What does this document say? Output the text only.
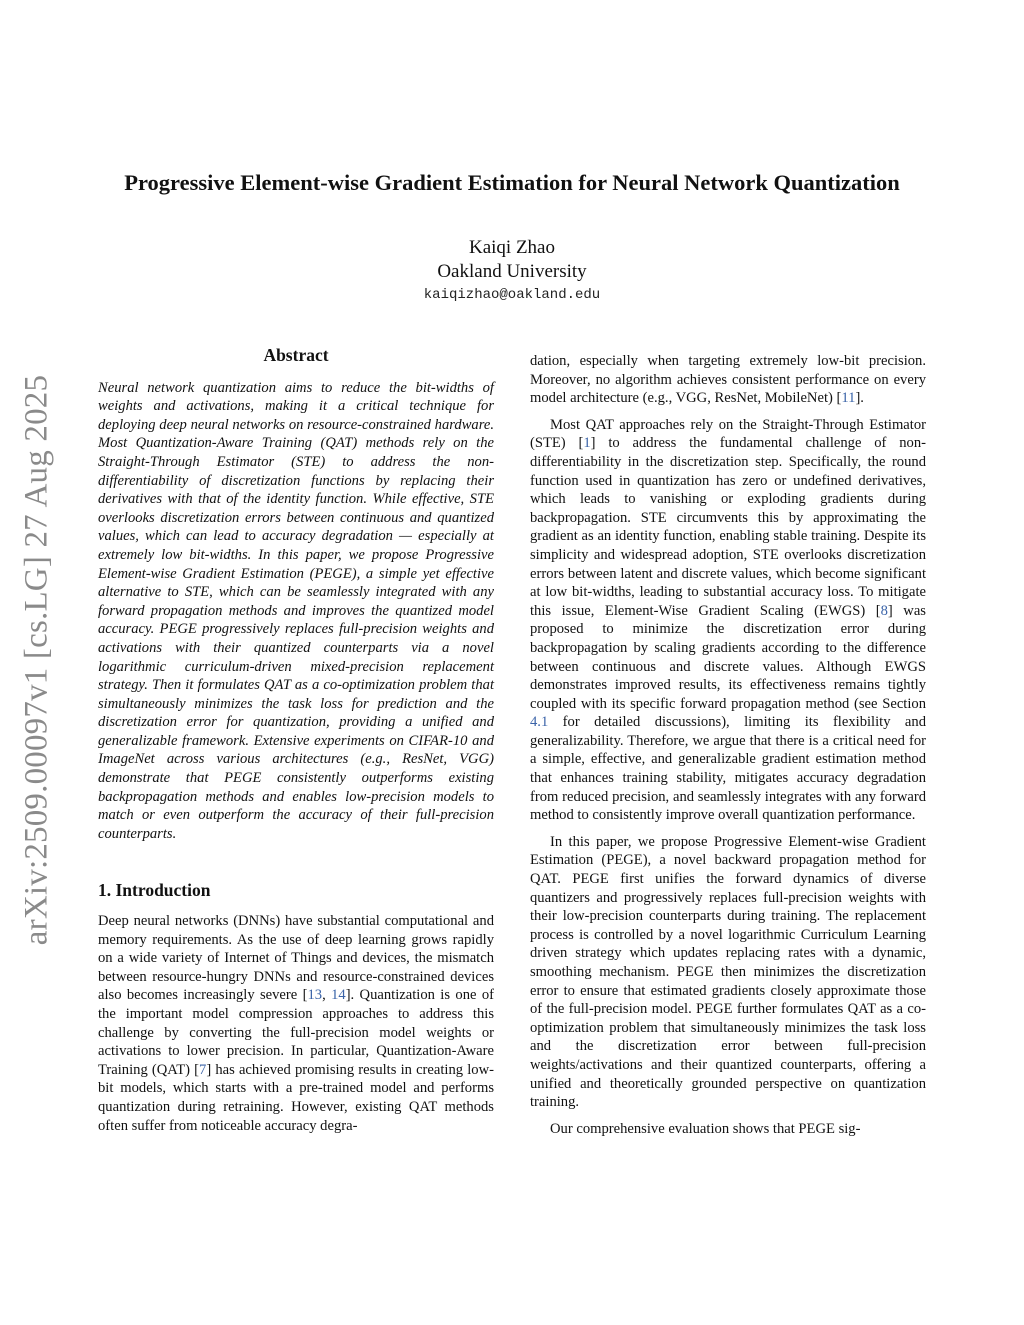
arXiv:2509.00097v1 [cs.LG] 27 Aug 2025
Progressive Element-wise Gradient Estimation for Neural Network Quantization
Kaiqi Zhao
Oakland University
kaiqizhao@oakland.edu
Abstract

Neural network quantization aims to reduce the bit-widths of weights and activations, making it a critical technique for deploying deep neural networks on resource-constrained hardware. Most Quantization-Aware Training (QAT) methods rely on the Straight-Through Estimator (STE) to address the non-differentiability of discretization functions by replacing their derivatives with that of the identity function. While effective, STE overlooks discretization errors between continuous and quantized values, which can lead to accuracy degradation — especially at extremely low bit-widths. In this paper, we propose Progressive Element-wise Gradient Estimation (PEGE), a simple yet effective alternative to STE, which can be seamlessly integrated with any forward propagation methods and improves the quantized model accuracy. PEGE progressively replaces full-precision weights and activations with their quantized counterparts via a novel logarithmic curriculum-driven mixed-precision replacement strategy. Then it formulates QAT as a co-optimization problem that simultaneously minimizes the task loss for prediction and the discretization error for quantization, providing a unified and generalizable framework. Extensive experiments on CIFAR-10 and ImageNet across various architectures (e.g., ResNet, VGG) demonstrate that PEGE consistently outperforms existing backpropagation methods and enables low-precision models to match or even outperform the accuracy of their full-precision counterparts.

1. Introduction

Deep neural networks (DNNs) have substantial computational and memory requirements. As the use of deep learning grows rapidly on a wide variety of Internet of Things and devices, the mismatch between resource-hungry DNNs and resource-constrained devices also becomes increasingly severe [13, 14]. Quantization is one of the important model compression approaches to address this challenge by converting the full-precision model weights or activations to lower precision. In particular, Quantization-Aware Training (QAT) [7] has achieved promising results in creating low-bit models, which starts with a pre-trained model and performs quantization during retraining. However, existing QAT methods often suffer from noticeable accuracy degra-

dation, especially when targeting extremely low-bit precision. Moreover, no algorithm achieves consistent performance on every model architecture (e.g., VGG, ResNet, MobileNet) [11].

Most QAT approaches rely on the Straight-Through Estimator (STE) [1] to address the fundamental challenge of non-differentiability in the discretization step. Specifically, the round function used in quantization has zero or undefined derivatives, which leads to vanishing or exploding gradients during backpropagation. STE circumvents this by approximating the gradient as an identity function, enabling stable training. Despite its simplicity and widespread adoption, STE overlooks discretization errors between latent and discrete values, which become significant at low bit-widths, leading to substantial accuracy loss. To mitigate this issue, Element-Wise Gradient Scaling (EWGS) [8] was proposed to minimize the discretization error during backpropagation by scaling gradients according to the difference between continuous and discrete values. Although EWGS demonstrates improved results, its effectiveness remains tightly coupled with its specific forward propagation method (see Section 4.1 for detailed discussions), limiting its flexibility and generalizability. Therefore, we argue that there is a critical need for a simple, effective, and generalizable gradient estimation method that enhances training stability, mitigates accuracy degradation from reduced precision, and seamlessly integrates with any forward method to consistently improve overall quantization performance.

In this paper, we propose Progressive Element-wise Gradient Estimation (PEGE), a novel backward propagation method for QAT. PEGE first unifies the forward dynamics of diverse quantizers and progressively replaces full-precision weights with their low-precision counterparts during training. The replacement process is controlled by a novel logarithmic Curriculum Learning driven strategy which updates replacing rates with a dynamic, smoothing mechanism. PEGE then minimizes the discretization error to ensure that estimated gradients closely approximate those of the full-precision model. PEGE further formulates QAT as a co-optimization problem that simultaneously minimizes the task loss and the discretization error between full-precision weights/activations and their quantized counterparts, offering a unified and theoretically grounded perspective on quantization training.

Our comprehensive evaluation shows that PEGE sig-
